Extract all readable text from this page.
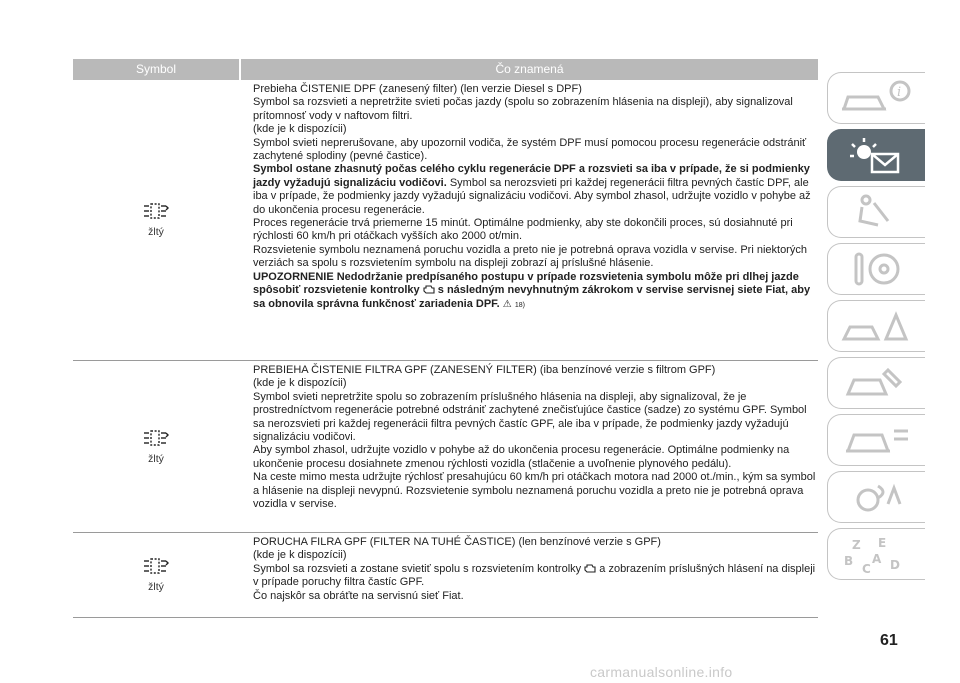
Symbol	Čo znamená
žltý

Prebieha ČISTENIE DPF (zanesený filter) (len verzie Diesel s DPF)

Symbol sa rozsvieti a nepretržite svieti počas jazdy (spolu so zobrazením hlásenia na displeji), aby signalizoval prítomnosť vody v naftovom filtri.

(kde je k dispozícii)

Symbol svieti neprerušovane, aby upozornil vodiča, že systém DPF musí pomocou procesu regenerácie odstrániť zachytené splodiny (pevné častice).

Symbol ostane zhasnutý počas celého cyklu regenerácie DPF a rozsvieti sa iba v prípade, že si podmienky jazdy vyžadujú signalizáciu vodičovi. Symbol sa nerozsvieti pri každej regenerácii filtra pevných častíc DPF, ale iba v prípade, že podmienky jazdy vyžadujú signalizáciu vodičovi. Aby symbol zhasol, udržujte vozidlo v pohybe až do ukončenia procesu regenerácie.

Proces regenerácie trvá priemerne 15 minút. Optimálne podmienky, aby ste dokončili proces, sú dosiahnuté pri rýchlosti 60 km/h pri otáčkach vyšších ako 2000 ot/min.

Rozsvietenie symbolu neznamená poruchu vozidla a preto nie je potrebná oprava vozidla v servise. Pri niektorých verziách sa spolu s rozsvietením symbolu na displeji zobrazí aj príslušné hlásenie.

UPOZORNENIE Nedodržanie predpísaného postupu v prípade rozsvietenia symbolu môže pri dlhej jazde spôsobiť rozsvietenie kontrolky  s následným nevyhnutným zákrokom v servise servisnej siete Fiat, aby sa obnovila správna funkčnosť zariadenia DPF. ⚠ 18)

žltý

PREBIEHA ČISTENIE FILTRA GPF (ZANESENÝ FILTER) (iba benzínové verzie s filtrom GPF)

(kde je k dispozícii)

Symbol svieti nepretržite spolu so zobrazením príslušného hlásenia na displeji, aby signalizoval, že je prostredníctvom regenerácie potrebné odstrániť zachytené znečisťujúce častice (sadze) zo systému GPF. Symbol sa nerozsvieti pri každej regenerácii filtra pevných častíc GPF, ale iba v prípade, že podmienky jazdy vyžadujú signalizáciu vodičovi.

Aby symbol zhasol, udržujte vozidlo v pohybe až do ukončenia procesu regenerácie. Optimálne podmienky na ukončenie procesu dosiahnete zmenou rýchlosti vozidla (stlačenie a uvoľnenie plynového pedálu).

Na ceste mimo mesta udržujte rýchlosť presahujúcu 60 km/h pri otáčkach motora nad 2000 ot./min., kým sa symbol a hlásenie na displeji nevypnú. Rozsvietenie symbolu neznamená poruchu vozidla a preto nie je potrebná oprava vozidla v servise.

žltý

PORUCHA FILRA GPF (FILTER NA TUHÉ ČASTICE) (len benzínové verzie s GPF)

(kde je k dispozícii)

Symbol sa rozsvieti a zostane svietiť spolu s rozsvietením kontrolky  a zobrazením príslušných hlásení na displeji v prípade poruchy filtra častíc GPF.

Čo najskôr sa obráťte na servisnú sieť Fiat.

i
Z E
B A
C D
61
carmanualsonline.info
